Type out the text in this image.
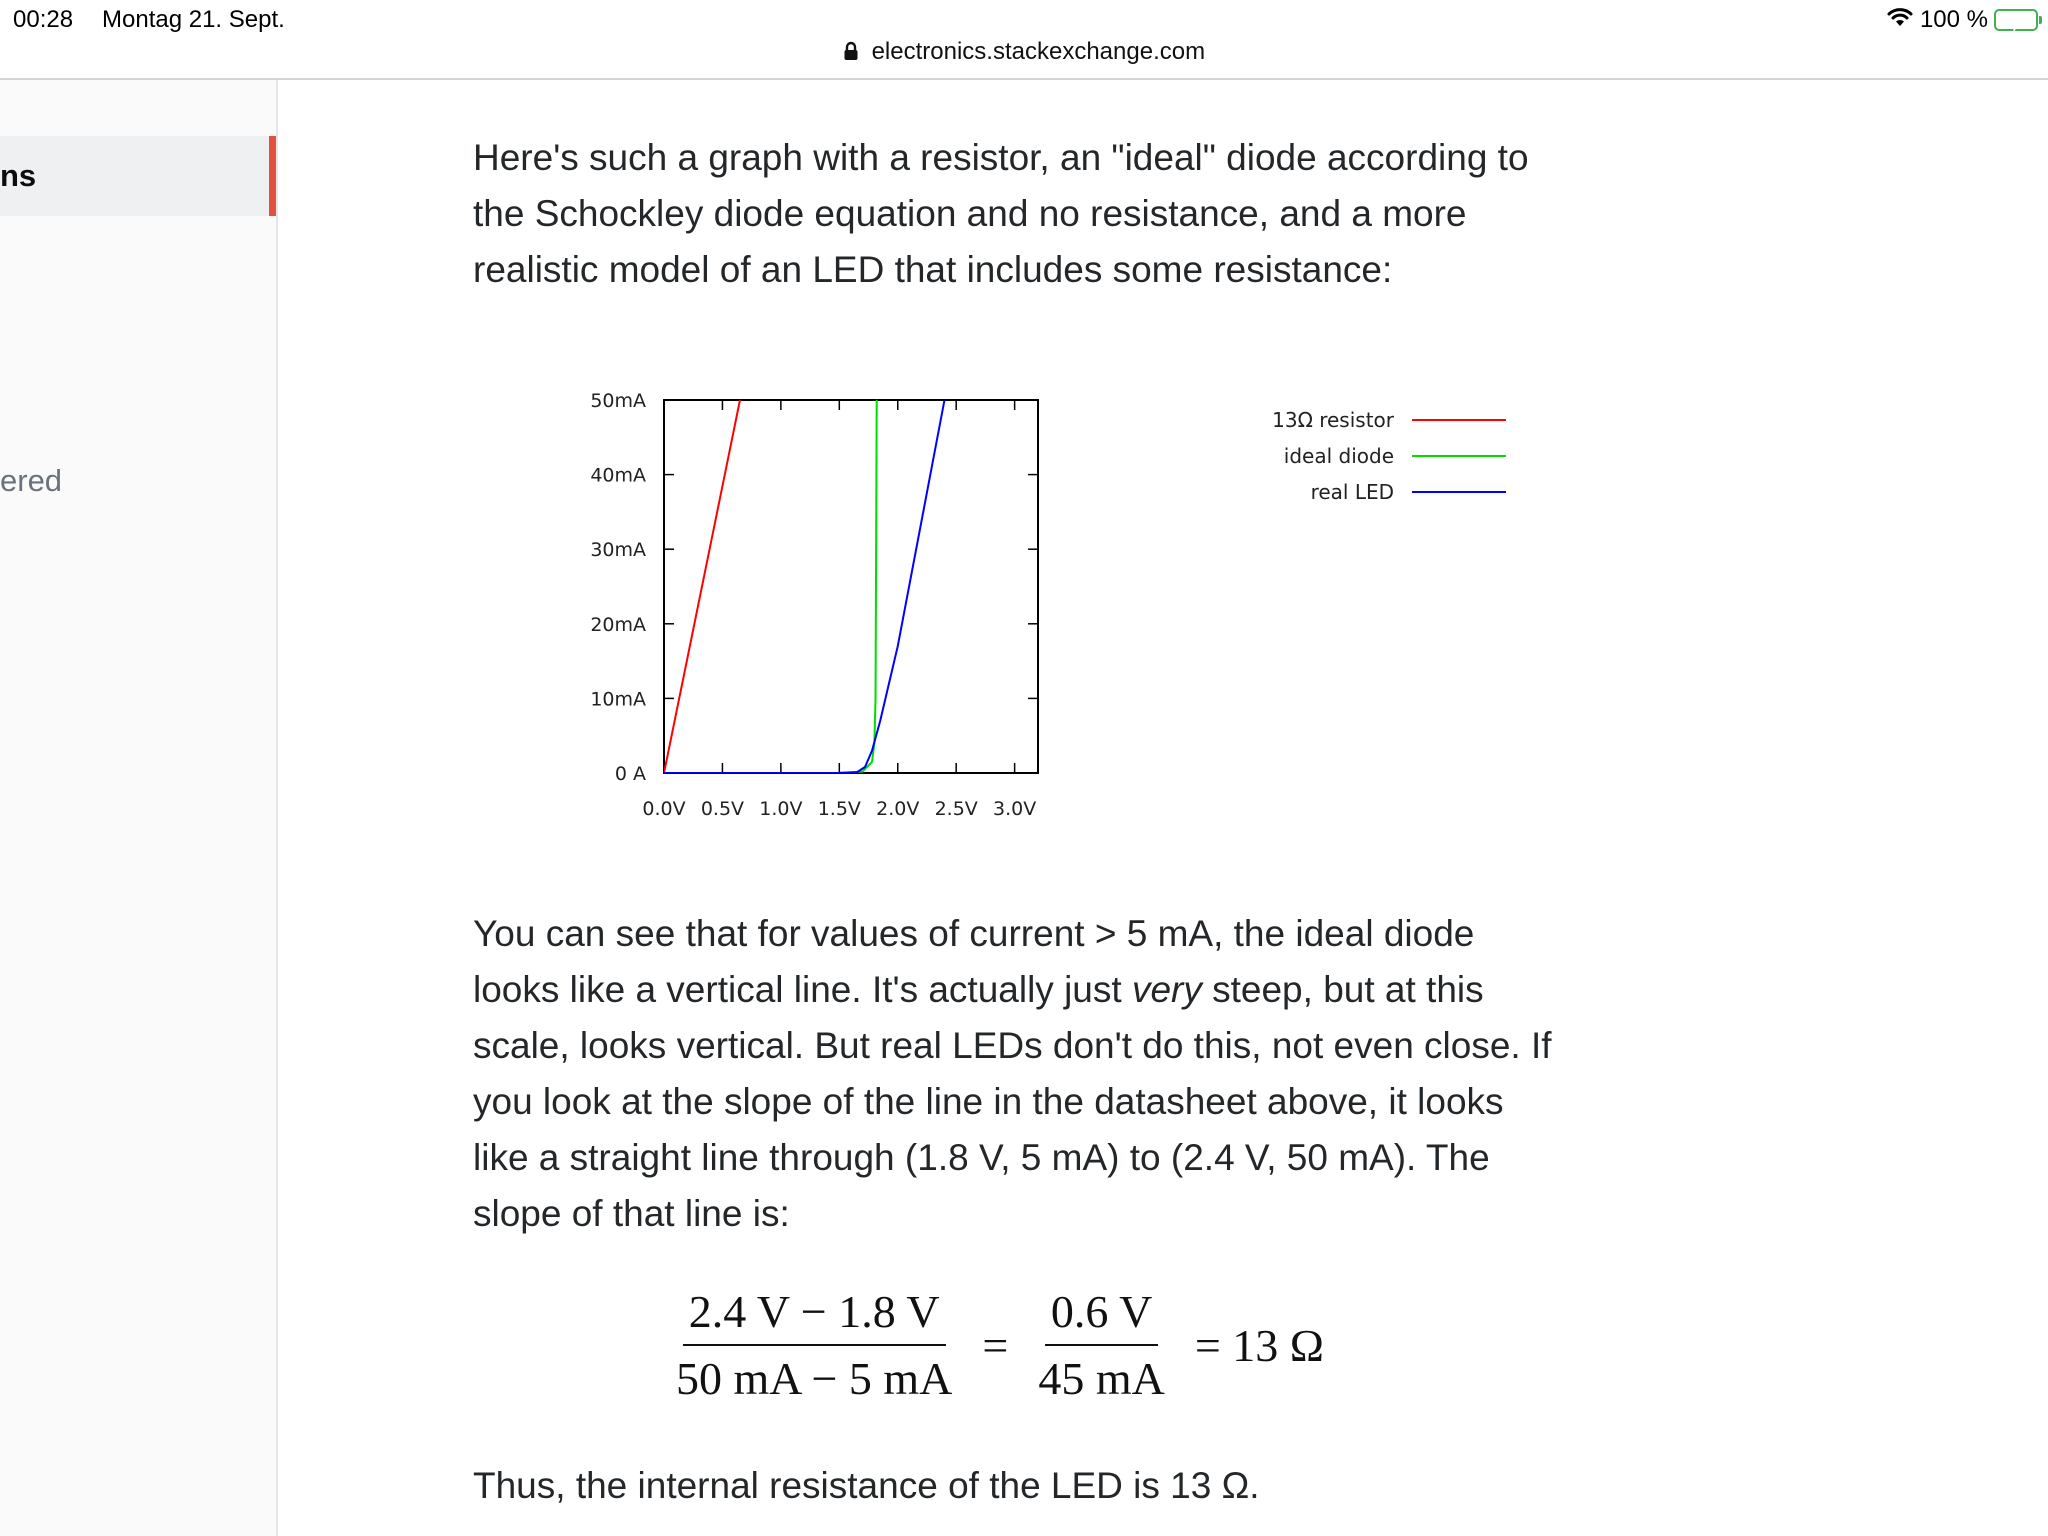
00:28 Montag 21. Sept.	100 %
electronics.stackexchange.com
ns
ered

Here's such a graph with a resistor, an "ideal" diode according to the Schockley diode equation and no resistance, and a more realistic model of an LED that includes some resistance:

You can see that for values of current > 5 mA, the ideal diode looks like a vertical line. It's actually just very steep, but at this scale, looks vertical. But real LEDs don't do this, not even close. If you look at the slope of the line in the datasheet above, it looks like a straight line through (1.8 V, 5 mA) to (2.4 V, 50 mA). The slope of that line is:

Thus, the internal resistance of the LED is 13 Ω.

0.0V 0.5V 1.0V 1.5V 2.0V 2.5V 3.0V
0 A
10mA
20mA
30mA
40mA
50mA
13Ω resistor
ideal diode
real LED
$\frac{2.4 V - 1.8 V}{50 mA - 5 mA} = \frac{0.6 V}{45 mA} = 13$ Ω
